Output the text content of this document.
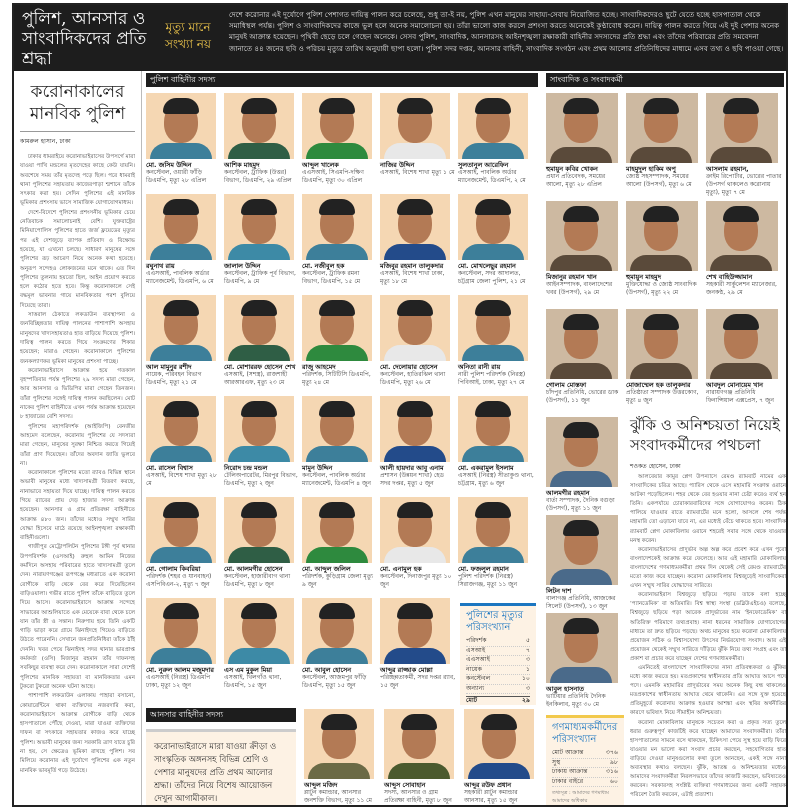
পুলিশ, আনসার ও সাংবাদিকদের প্রতি শ্রদ্ধা
মৃত্যু মানে সংখ্যা নয়
দেশে করোনার এই দুর্যোগে পুলিশ পেশাগত দায়িত্ব পালন করে চলেছে, শুধু তা-ই নয়, পুলিশ এখন মানুষের সাহায্য-সেবায় নিয়োজিত হচ্ছে। সাংবাদিকদেরও ছুটে যেতে হচ্ছে হাসপাতাল থেকে সমাধিস্থল পর্যন্ত। পুলিশ ও সাংবাদিকদের কাজে ভুল হলে অনেক সমালোচনা হয়। তাঁরা ভালো কাজ করলে প্রশংসা করতে অনেকেই কুণ্ঠাবোধ করেন। দায়িত্ব পালন করতে গিয়ে এই দুই পেশার অনেক মানুষই আক্রান্ত হয়েছেন। পৃথিবী ছেড়ে চলে গেছেন অনেকে। সেসব পুলিশ, সাংবাদিক, আনসারসহ আইনশৃঙ্খলা রক্ষাকারী বাহিনীর সদস্যদের প্রতি শ্রদ্ধা এবং তাঁদের পরিবারের প্রতি সমবেদনা জানাতে ৪৪ জনের ছবি ও পরিচয় মৃত্যুর তারিখ অনুযায়ী ছাপা হলো। পুলিশ সদর দপ্তর, আনসার বাহিনী, সাংবাদিক সংগঠন এবং প্রথম আলোর প্রতিনিধিদের মাধ্যমে এসব তথ্য ও ছবি পাওয়া গেছে।
করোনাকালের মানবিক পুলিশ
কামরুল হাসান, ঢাকা

ঢাকার ধামরাইয়ে করোনাভাইরাসের উপসর্গে মারা যাওয়া পাখি মন্ডলের মৃতদেহের কাছে কেউ যায়নি। অবশেষে সময় তাঁর মৃতদেহ পড়ে ছিল। পরে ধামরাই থানা পুলিশের সহায়তায় কাজেরপাড়া শ্মশানে তাঁকে সৎকার করা হয়। সেদিন পুলিশের এই মানবিক ভূমিকার প্রশংসায় ভাসে সামাজিক যোগাযোগমাধ্যম।

দেশে-বিদেশে পুলিশের প্রশংসনীয় ভূমিকার চেয়ে নেতিবাচক সমালোচনাই বেশি। যুক্তরাষ্ট্রের মিনিয়াপোলিস পুলিশের হাতে জর্জ ফ্লয়েডের মৃত্যুর পর এই দেশজুড়ে ব্যাপক প্রতিবাদ ও বিক্ষোভ হয়েছে, যা এখনো চলছে। সাধারণ মানুষের সঙ্গে পুলিশের রূঢ় আচরণ নিয়ে অনেক কথা হয়েছে। অনুরূপ সন্দেহও লোকজনের মনে থাকে। এত দিন পুলিশের তুলনায় হয়তো ছিল, আইন প্রয়োগ করতে হলে কঠোর হতে হবে। কিন্তু করোনাকালে সেই বদ্ধমূল ভাবনার গায়ে মানবিকতার পরশ বুলিয়ে দিয়েছে তারা।

সাত্তরাল ঠেকাতে লকডাউন ব্যবস্থাপনা ও জনবিচ্ছিন্নতার দায়িত্ব পালনের পাশাপাশি অসহায় মানুষদের খাদ্যসহায়তাও হাত বাড়িয়ে দিয়েছে পুলিশ। দায়িত্ব পালন করতে গিয়ে সংক্রমণের শিকার হয়েছেন; মারাও গেছেন। করোনাকালে পুলিশের জনকল্যাণকর ভূমিকা মানুষের প্রশংসা পাচ্ছে।

করোনাভাইরাসে আক্রান্ত হয়ে গতকাল বৃহস্পতিবার পর্যন্ত পুলিশের ২৯ সদস্য মারা গেছেন, আর আনসার ও ভিডিপির মারা গেছেন তিনজন। তাঁরা পুলিশের সঙ্গেই দায়িত্ব পালন করছিলেন। মোট নাকের পুলিশ বাহিনীতে এখন পর্যন্ত আক্রান্ত হয়েছেন ৮ হাজারের বেশি সদস্য।

পুলিশের মহাপরিদর্শক (আইজিপি) বেনজীর আহমেদ বলেছেন, করোনায় পুলিশের যে সদস্যরা মারা গেছেন, মানুষের সুরক্ষা নিশ্চিত করতে গিয়েই তাঁরা প্রাণ দিয়েছেন। তাঁদের অবদান জাতি ভুলবে না।

করোনাকালে পুলিশের মতো র‍্যাবও বিভিন্ন স্থানে অভাবী মানুষের মধ্যে খাদ্যসামগ্রী বিতরণ করছে, নানাভাবে সহায়তা দিয়ে যাচ্ছে। দায়িত্ব পালন করতে গিয়ে র‍্যাবের প্রায় দেড় হাজার সদস্য আক্রান্ত হয়েছেন। আনসার ও গ্রাম প্রতিরক্ষা বাহিনীতে আক্রান্ত ৪৮০ জন। তাঁদের মধ্যেও সম্মুখ সারির যোদ্ধা হিসেবে মাঠে রয়েছে আইনশৃঙ্খলা রক্ষাকারী বাহিনীগুলো।

গাজীপুর মেট্রোপলিটন পুলিশের টঙ্গী পূর্ব থানার উপপরিদর্শক (এসআই) রুহুল আমিন নিজের কর্মদিনে অসহায় পরিবারের হাতে খাদ্যসামগ্রী তুলে দেন। নারায়ণগঞ্জের রূপগঞ্জে মধ্যরাতে এক করোনা রোগীকে বাড়ি থেকে বের করে দিয়েছিলেন বাড়িওয়ালা। গভীর রাতে পুলিশ তাঁকে বাড়িতে তুলে দিয়ে আসে। করোনাভাইরাসে আক্রান্ত সন্দেহে সাভারের আশুলিয়াতে এক মেয়েকে বাবা থেকে চলে যান তাঁর স্ত্রী ও সন্তান। নিরুপায় হয়ে তিনি একটি গাড়ি ভাড়া করে গ্রামে ঝিনাইদহে গিয়েও বাড়িতে উঠতে পারেননি। সেখানে জনপ্রতিনিধিরা তাঁকে ঠাঁই দেননি। খবর পেয়ে ঝিনাইদহ সদর থানার ভারপ্রাপ্ত কর্মকর্তা (ওসি) মিজানুর রহমান তাঁর দাফনসহ সবকিছুর ব্যবস্থা করে দেন। করোনাকালে সারা দেশেই পুলিশের মানবিক সহায়তা বা মানবিকতার এমন টুকরো টুকরো অনেক ঘটনা আছে।

পাশাপাশি লকডাউন এলাকায় পাহারা বসানো, কোয়ারেন্টিনে থাকা ব্যক্তিদের নজরদারি করা, করোনাভাইরাসে আক্রান্ত রোগীকে বাড়ি থেকে হাসপাতালে পৌঁছে দেওয়া, মারা যাওয়া ব্যক্তিদের দাফন বা সৎকারে সহায়তার কাজও করে যাচ্ছে পুলিশ। অভাবী মানুষের জন্য সরকারি ত্রাণ যাতে চুরি না হয়, সে ক্ষেত্রেও ভূমিকা রাখছে পুলিশ। সব মিলিয়ে করোনার এই দুর্যোগে পুলিশের এক নতুন মানবিক ভাবমূর্তি গড়ে উঠেছে।

পুলিশ বাহিনীর সদস্য
মো. জসিম উদ্দিন
কনস্টেবল, ওয়ারী ফাঁড়ি ডিএমপি, মৃত্যু ২৮ এপ্রিল
আশিক মাহমুদ
কনস্টেবল, ট্রাফিক (উত্তর) বিভাগ, ডিএমপি, ২৯ এপ্রিল
আব্দুল খালেক
এএসআই, সিএমপি-দক্ষিণ ডিএমপি, মৃত্যু ৩০ এপ্রিল
নাজির উদ্দিন
এসআই, বিশেষ শাখা মৃত্যু ১ মে
সুলতানুল আরেফিন
এসআই, পাবলিক অর্ডার ম্যানেজমেন্ট, ডিএমপি, ২ মে
রঘুনাথ রায়
এএসআই, পাবলিক অর্ডার ম্যানেজমেন্ট, ডিএমপি, ৬ মে
জালাল উদ্দিন
কনস্টেবল, ট্রাফিক পূর্ব বিভাগ, ডিএমপি, ৯ মে
মো. নজীবুল হক
কনস্টেবল, ট্রাফিক রমনা বিভাগ, ডিএমপি, ১৫ মে
মজিবুর রহমান তালুকদার
এসআই, বিশেষ শাখা ঢাকা, মৃত্যু ১৮ মে
মো. মোখলেছুর রহমান
কনস্টেবল, সদর আদালত, চট্টগ্রাম জেলা পুলিশ, ২১ মে
আল মামুনুর রশীদ
নায়েক, পরিবহন বিভাগ ডিএমপি, মৃত্যু ২১ মে
মো. মোশাররফ হোসেন শেখ
এসআই, (সশস্ত্র), রাজশাহী আরআরএফ, মৃত্যু ২৩ মে
রাজু আহমেদ
পরিদর্শক, সিটিটিসি ডিএমপি, মৃত্যু ২৪ মে
মো. দেলোয়ার হোসেন
কনস্টেবল, হাতিরঝিল থানা ডিএমপি, মৃত্যু ২৬ মে
অনিতা রানী রায়
নারী পুলিশ পরিদর্শক (নিরস্ত্র) পিবিআই, ঢাকা, মৃত্যু ২৭ মে
মো. রাসেল বিশ্বাস
এসআই, বিশেষ শাখা মৃত্যু ২৮ মে
নিরোদ চন্দ্র মন্ডল
টেলিঅপারেটর, মিরপুর বিভাগ, ডিএমপি, মৃত্যু ২ জুন
মামুন উদ্দিন
কনস্টেবল, পাবলিক অর্ডার ম্যানেজমেন্ট, ডিএমপি ৪ জুন
আলী হায়দার আবু এনাম
প্রশাসন (উন্নয়ন শাখা) হেড সদর দপ্তর, মৃত্যু ৫ জুন
মো. একরামুল ইসলাম
এসআই (নিরস্ত্র) সীতাকুণ্ড থানা, চট্টগ্রাম, মৃত্যু ৬ জুন
মো. গোলাম কিবরিয়া
পরিদর্শক (শহর ও যানবাহন) এসপিবিএন-২, মৃত্যু ৭ জুন
মো. আলমগীর হোসেন
কনস্টেবল, হাজারীবাগ থানা ডিএমপি, মৃত্যু ৮ জুন
মো. আব্দুল জলিল
পরিদর্শক, কুড়িগ্রাম জেলা মৃত্যু ৯ জুন
মো. এনামুল হক
কনস্টেবল, দিনাজপুর মৃত্যু ১০ জুন
মো. ফজলুল রহমান
পুলিশ পরিদর্শক (নিরস্ত্র) সিরাজগঞ্জ, মৃত্যু ১১ জুন
মো. নুরুল আলম মজুমদার
এএসআই (নিরস্ত্র) ডিএমপি ঢাকা, মৃত্যু ১২ জুন
এস এম মুকুল মিয়া
এসআই, খিলগাঁও থানা, ডিএমপি, ১৫ জুন
মো. আবুল হোসেন
কনস্টেবল, আজমপুর ফাঁড়ি ডিএমপি, মৃত্যু ১৫ জুন
আব্দুর রাজ্জাক মোল্লা
পরিচ্ছন্নতাকর্মী, সদর দপ্তর র‍্যাব, ১৫ জুন
পুলিশের মৃত্যুর পরিসংখ্যান
পরিদর্শক	৫
এসআই	৭
এএসআই	৩
নায়েক	১
কনস্টেবল	১০
অন্যান্য	৩
মোট	২৯
আনসার বাহিনীর সদস্য
করোনাভাইরাসে মারা যাওয়া ক্রীড়া ও সাংস্কৃতিক অঙ্গনসহ বিভিন্ন শ্রেণি ও পেশার মানুষদের প্রতি প্রথম আলোর শ্রদ্ধা। তাঁদের নিয়ে বিশেষ আয়োজন দেখুন আগামীকাল।
আব্দুল মজিদ
প্লাটুন কমান্ডার, আনসার জনশক্তি বিভাগ, মৃত্যু ১১ মে
আব্দুস সোবাহান
সদস্য, আনসার ও গ্রাম প্রতিরক্ষা বাহিনী, মৃত্যু ৮ জুন
আব্দুর রউফ প্রধান
সহকারী প্লাটুন কমান্ডার আনসার, মৃত্যু ১৫ জুন
সাংবাদিক ও সংবাদকর্মী
হুমায়ুন কবির খোকন
প্রধান প্রতিবেদক, সময়ের আলো, মৃত্যু ২৮ এপ্রিল
মাহমুদুল হাকিম অপু
জ্যেষ্ঠ সহসম্পাদক, সময়ের আলো (উপসর্গ), মৃত্যু ৬ মে
আসলাম রহমান,
ক্রাইম রিপোর্টার, ভোরের পাতার (উপসর্গ থাকলেও করোনায় মৃত্যু), মৃত্যু ৭ মে
মিজানুর রহমান খান
আইনসম্পাদক, বাংলাদেশের খবর (উপসর্গ), ২৯ মে
হুমায়ুন মাহমুদ
মুক্তিযোদ্ধা ও জ্যেষ্ঠ সাংবাদিক (উপসর্গ), মৃত্যু ২২ মে
শেখ বাহিউজ্জামান
সহকারী সার্কুলেশন ম্যানেজার, জনকণ্ঠ, ২৯ মে
গোলাম মোস্তফা
চাঁদপুর প্রতিনিধি, ভোরের ডাক (উপসর্গ), ১১ জুন
মোজাম্মেল হক তালুকদার
প্রতিষ্ঠাতা সম্পাদক উত্তরকোণ, মৃত্যু ৪ জুন
আবদুল মোনায়েম খান
নারায়ণগঞ্জ প্রতিনিধি ফিনান্সিয়াল এক্সপ্রেস, ৭ জুন
আলমগীর রহমান
বার্তা সম্পাদক, দৈনিক বগুড়া (উপসর্গ), মৃত্যু ১১ জুন
লিটন দাশ
বালাগঞ্জ প্রতিনিধি, আজকের সিলেট (উপসর্গ), ১৩ জুন
আবুল হাসনাত
ভাটিয়ার প্রতিনিধি দৈনিক ইনকিলাব, মৃত্যু ৩০ মে
ঝুঁকি ও অনিশ্চয়তা নিয়েই সংবাদকর্মীদের পথচলা
শওকত হোসেন, ঢাকা

আলবেয়ার কামুর প্লেগ উপন্যাসে রেমণ্ড র‍্যামবার্ট নামের এক সাংবাদিকের চরিত্র আছে। প্যারিস থেকে এসে মহামারি সংক্রান্ত ওরানে আটকা পড়েছিলেন। শহর থেকে বের হওয়ার নানা চেষ্টা করেও ব্যর্থ হন তিনি। একপর্যায়ে চোরাকারবারিদের সঙ্গে যোগাযোগও করেন। ঠিক পালিয়ে যাওয়ার রাতে র‍্যামবার্টের মনে হলো, আসলে শেষ পর্যন্ত মহামারি তো এড়ানো যাবে না, এর মধ্যেই বেঁচে থাকতে হবে। সাংবাদিক র‍্যামবার্ট প্লেগ মোকাবিলায় ওরানে শহরেই সবার সঙ্গে থেকে যাওয়ার মনস্থ করেন।

করোনাভাইরাসের প্রাদুর্ভাব অল্প অল্প করে প্রবেশ করে এখন পুরো বাংলাদেশকেই আক্রান্ত করে ফেলেছে। আর এই মহামারি মোকাবিলায় বাংলাদেশের গণমাধ্যমকর্মীরা প্রথম দিন থেকেই সেই রেমণ্ড র‍্যামবার্টের মতো কাজ করে যাচ্ছেন। করোনা মোকাবিলায় বিশ্বজুড়েই সাংবাদিকেরা এখন সম্মুখ সারির যোদ্ধাদের সারিতে।

করোনাভাইরাস বিশ্বজুড়ে ছড়িয়ে পড়ায় তাকে বলা হচ্ছে ‘প্যানডেমিক’ বা অতিমারি। বিশ্ব স্বাস্থ্য সংস্থা (ডব্লিউএইচও) বলেছে, বিশ্বজুড়ে ছড়িয়ে পড়া আরেক প্রাদুর্ভাবের নাম ‘ইনফোডেমিক’ বা অতিরিক্ত পরিমাণে তথ্যপ্রবাহ। নানা ধরনের সামাজিক যোগাযোগের মাধ্যমে তা দ্রুত ছড়িয়ে পড়ছে। অথচ মানুষের হয়ে করোনা মোকাবিলায় প্রয়োজন সঠিক ও বিশ্বাসযোগ্য উৎসের নির্ভরযোগ্য সংবাদ। আর এই প্রয়োজন থেকেই সম্মুখ সারিতে দাঁড়িয়ে ঝুঁকি নিয়ে তথ্য সংগ্রহ এবং তা প্রকাশ বা প্রচার করে যাচ্ছেন দেশের গণমাধ্যমকর্মীরা।

এমনিতেই বাংলাদেশে সাংবাদিকদের নানা প্রতিবন্ধকতা ও ঝুঁকির মধ্যে কাজ করতে হয়। মতপ্রকাশের স্বাধীনতার প্রতি আঘাত আসে পদে পদে। এমনকি মহামারির প্রাদুর্ভাবের সময় অনেক কিছু বন্ধ থাকলেও মতপ্রকাশের স্বাধীনতায় আঘাত থেমে থাকেনি। এর সঙ্গে যুক্ত হয়েছে প্রতিমুহূর্তে করোনায় আক্রান্ত হওয়ার আশঙ্কা এবং স্থবির অর্থনীতির কারণে ভবিষ্যৎ নিয়ে সীমাহীন অনিশ্চয়তা।

করোনা মোকাবিলায় মানুষকে সচেতন করা ও প্রকৃত সত্য তুলে ধরার গুরুত্বপূর্ণ কাজটিই করে যাচ্ছেন আমাদের সংবাদকর্মীরা। তাঁরা হাসপাতালের সামনে বসে থাকছেন, চিকিৎসা পেয়ে সুস্থ হয়ে বাড়ি ফিরে যাওয়ার মন ভালো করা সংবাদ প্রচার করছেন, সহযোগিতার হাত বাড়িয়ে দেওয়া মানুষগুলোর কথা তুলে আনছেন, একই সঙ্গে নানা অব্যবস্থার কথাও বলছেন। ঝুঁকি, আতঙ্ক ও অনিশ্চয়তার মধ্যেও আমাদের সংবাদকর্মীরা নিরলসভাবে তাঁদের কাজটি করছেন, ভবিষ্যতেও করবেন। সরকারসহ সংশ্লিষ্ট ব্যক্তিরা গণমাধ্যমের জন্য একটি সহায়ক পরিবেশ তৈরি করবেন, এটাই প্রত্যাশা।

গণমাধ্যমকর্মীদের পরিসংখ্যান
মোট আক্রান্ত	৩৭৬
সুস্থ	৯৮
ঢাকায় আক্রান্ত	৩১৬
ঢাকার বাইরে	৬০
তথ্যসূত্র : আমাদের গণমাধ্যম আমাদের অধিকার
